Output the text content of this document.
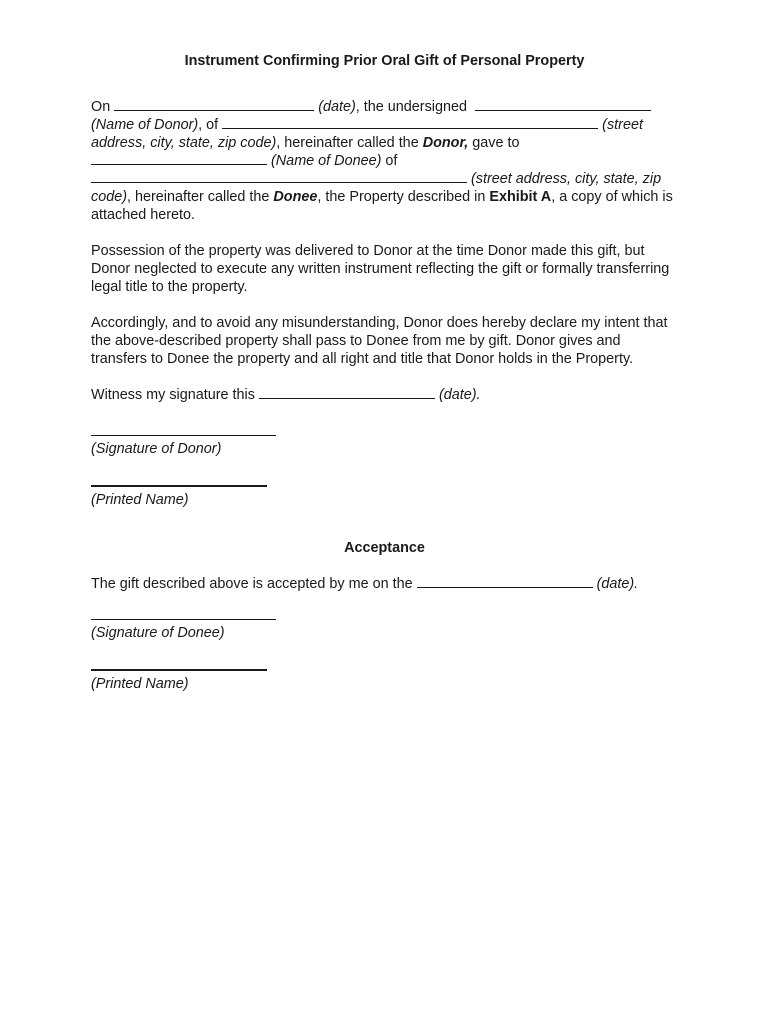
Instrument Confirming Prior Oral Gift of Personal Property

On	(date), the undersigned
(Name of Donor), of	(street address, city, state, zip code), hereinafter called the Donor, gave to
(Name of Donee) of
(street address, city, state, zip code), hereinafter called the Donee, the Property described in Exhibit A, a copy of which is attached hereto.

Possession of the property was delivered to Donor at the time Donor made this gift, but Donor neglected to execute any written instrument reflecting the gift or formally transferring legal title to the property.

Accordingly, and to avoid any misunderstanding, Donor does hereby declare my intent that the above-described property shall pass to Donee from me by gift. Donor gives and transfers to Donee the property and all right and title that Donor holds in the Property.

Witness my signature this	(date).

(Signature of Donor)
(Printed Name)

Acceptance

The gift described above is accepted by me on the	(date).

(Signature of Donee)
(Printed Name)
